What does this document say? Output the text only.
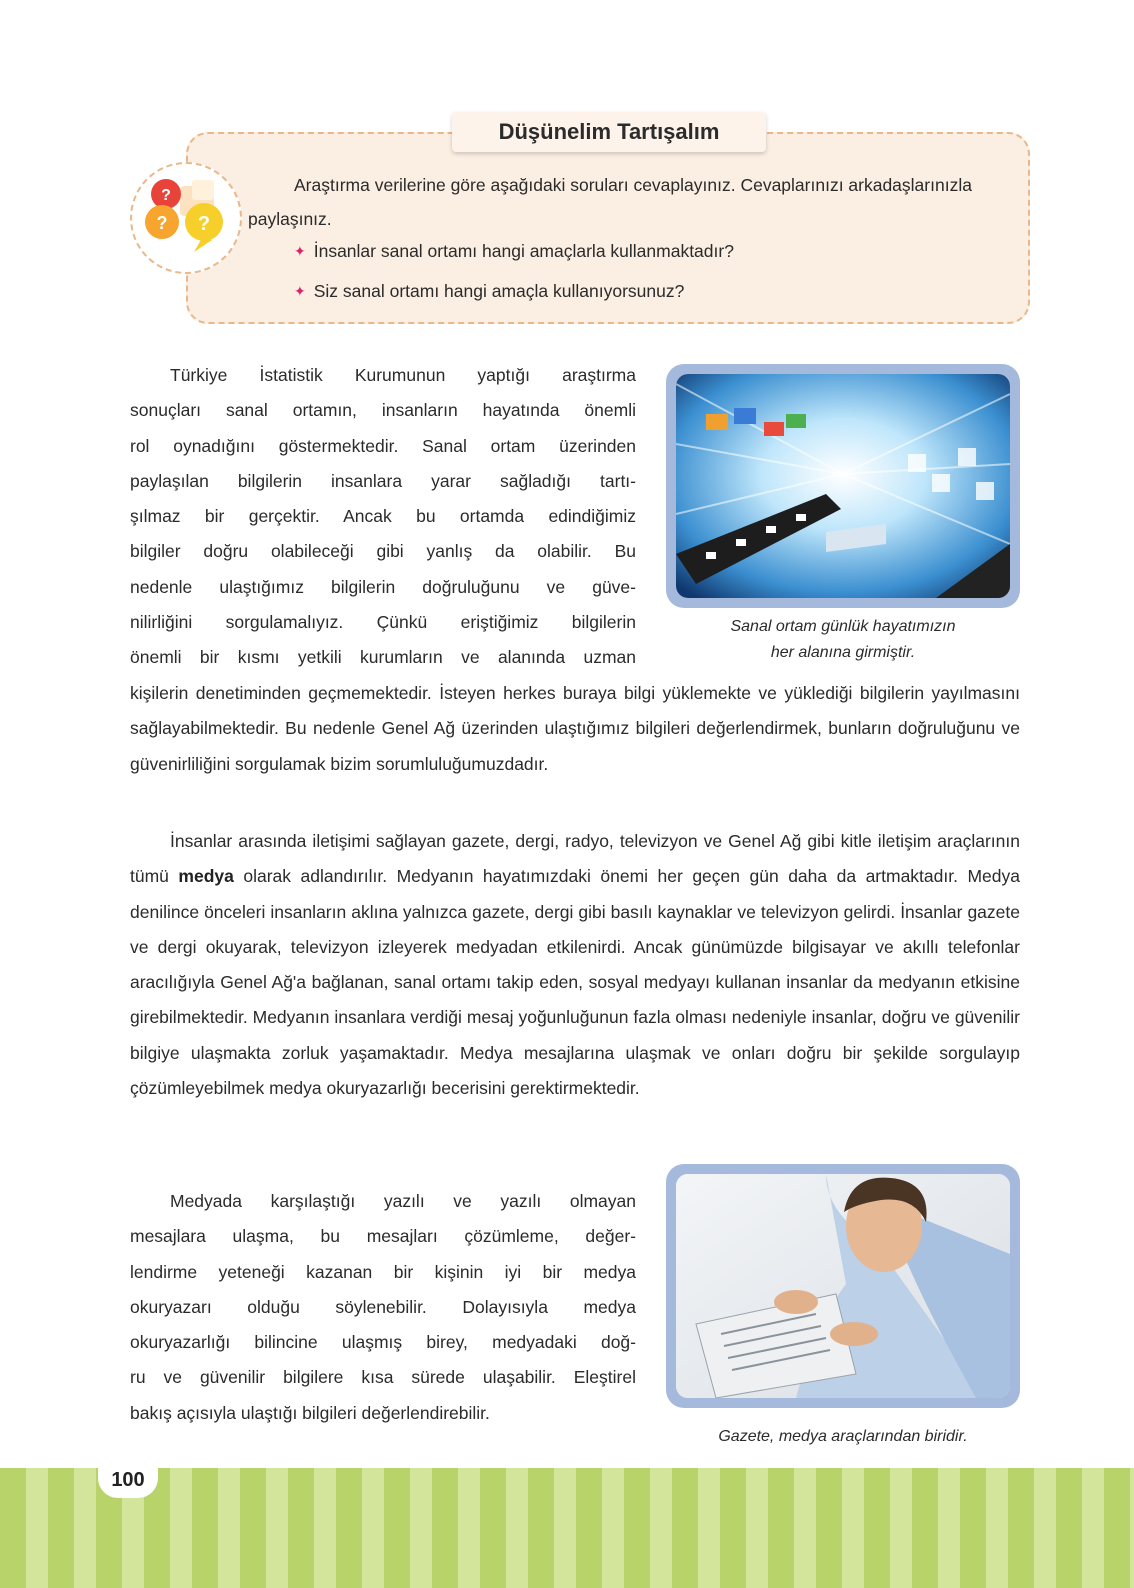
?
? ?
Düşünelim Tartışalım

Araştırma verilerine göre aşağıdaki soruları cevaplayınız. Cevaplarınızı arkadaşlarınızla paylaşınız.

✦ İnsanlar sanal ortamı hangi amaçlarla kullanmaktadır?

✦ Siz sanal ortamı hangi amaçla kullanıyorsunuz?

Türkiye İstatistik Kurumunun yaptığı araştırma

sonuçları sanal ortamın, insanların hayatında önemli

rol oynadığını göstermektedir. Sanal ortam üzerinden

paylaşılan bilgilerin insanlara yarar sağladığı tartı-

şılmaz bir gerçektir. Ancak bu ortamda edindiğimiz

bilgiler doğru olabileceği gibi yanlış da olabilir. Bu

nedenle ulaştığımız bilgilerin doğruluğunu ve güve-

nilirliğini sorgulamalıyız. Çünkü eriştiğimiz bilgilerin

önemli bir kısmı yetkili kurumların ve alanında uzman

kişilerin denetiminden geçmemektedir. İsteyen herkes buraya bilgi yüklemekte ve yüklediği bilgilerin yayılmasını sağlayabilmektedir. Bu nedenle Genel Ağ üzerinden ulaştığımız bilgileri değerlendirmek, bunların doğruluğunu ve güvenirliliğini sorgulamak bizim sorumluluğumuzdadır.

Sanal ortam günlük hayatımızın
her alanına girmiştir.

İnsanlar arasında iletişimi sağlayan gazete, dergi, radyo, televizyon ve Genel Ağ gibi kitle iletişim araçlarının tümü medya olarak adlandırılır. Medyanın hayatımızdaki önemi her geçen gün daha da artmaktadır. Medya denilince önceleri insanların aklına yalnızca gazete, dergi gibi basılı kaynaklar ve televizyon gelirdi. İnsanlar gazete ve dergi okuyarak, televizyon izleyerek medyadan etkilenirdi. Ancak günümüzde bilgisayar ve akıllı telefonlar aracılığıyla Genel Ağ'a bağlanan, sanal ortamı takip eden, sosyal medyayı kullanan insanlar da medyanın etkisine girebilmektedir. Medyanın insanlara verdiği mesaj yoğunluğunun fazla olması nedeniyle insanlar, doğru ve güvenilir bilgiye ulaşmakta zorluk yaşamaktadır. Medya mesajlarına ulaşmak ve onları doğru bir şekilde sorgulayıp çözümleyebilmek medya okuryazarlığı becerisini gerektirmektedir.

Medyada karşılaştığı yazılı ve yazılı olmayan

mesajlara ulaşma, bu mesajları çözümleme, değer-

lendirme yeteneği kazanan bir kişinin iyi bir medya

okuryazarı olduğu söylenebilir. Dolayısıyla medya

okuryazarlığı bilincine ulaşmış birey, medyadaki doğ-

ru ve güvenilir bilgilere kısa sürede ulaşabilir. Eleştirel

bakış açısıyla ulaştığı bilgileri değerlendirebilir.

Gazete, medya araçlarından biridir.
100
